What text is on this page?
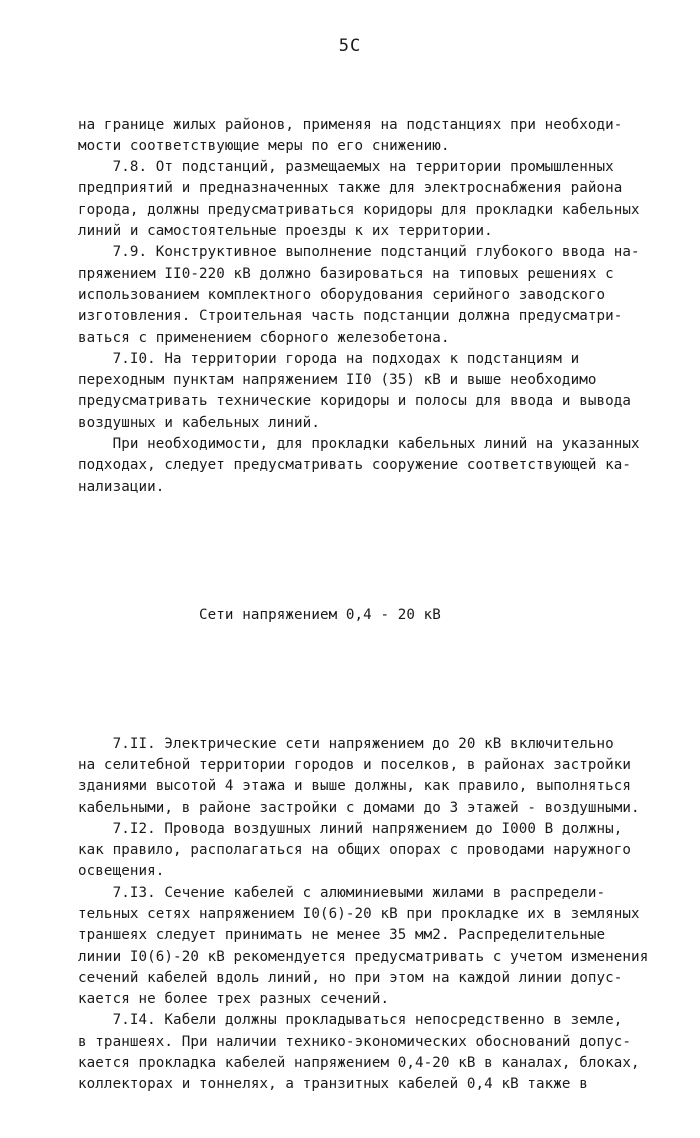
5C

на границе жилых районов, применяя на подстанциях при необходи-
мости соответствующие меры по его снижению.
7.8. От подстанций, размещаемых на территории промышленных
предприятий и предназначенных также для электроснабжения района
города, должны предусматриваться коридоры для прокладки кабельных
линий и самостоятельные проезды к их территории.
7.9. Конструктивное выполнение подстанций глубокого ввода на-
пряжением II0-220 кВ должно базироваться на типовых решениях с
использованием комплектного оборудования серийного заводского
изготовления. Строительная часть подстанции должна предусматри-
ваться с применением сборного железобетона.
7.I0. На территории города на подходах к подстанциям и
переходным пунктам напряжением II0 (35) кВ и выше необходимо
предусматривать технические коридоры и полосы для ввода и вывода
воздушных и кабельных линий.
При необходимости, для прокладки кабельных линий на указанных
подходах, следует предусматривать сооружение соответствующей ка-
нализации.

Сети напряжением 0,4 - 20 кВ

7.II. Электрические сети напряжением до 20 кВ включительно
на селитебной территории городов и поселков, в районах застройки
зданиями высотой 4 этажа и выше должны, как правило, выполняться
кабельными, в районе застройки с домами до 3 этажей - воздушными.
7.I2. Провода воздушных линий напряжением до I000 В должны,
как правило, располагаться на общих опорах с проводами наружного
освещения.
7.I3. Сечение кабелей с алюминиевыми жилами в распредели-
тельных сетях напряжением I0(6)-20 кВ при прокладке их в земляных
траншеях следует принимать не менее 35 мм2. Распределительные
линии I0(6)-20 кВ рекомендуется предусматривать с учетом изменения
сечений кабелей вдоль линий, но при этом на каждой линии допус-
кается не более трех разных сечений.
7.I4. Кабели должны прокладываться непосредственно в земле,
в траншеях. При наличии технико-экономических обоснований допус-
кается прокладка кабелей напряжением 0,4-20 кВ в каналах, блоках,
коллекторах и тоннелях, а транзитных кабелей 0,4 кВ также в
